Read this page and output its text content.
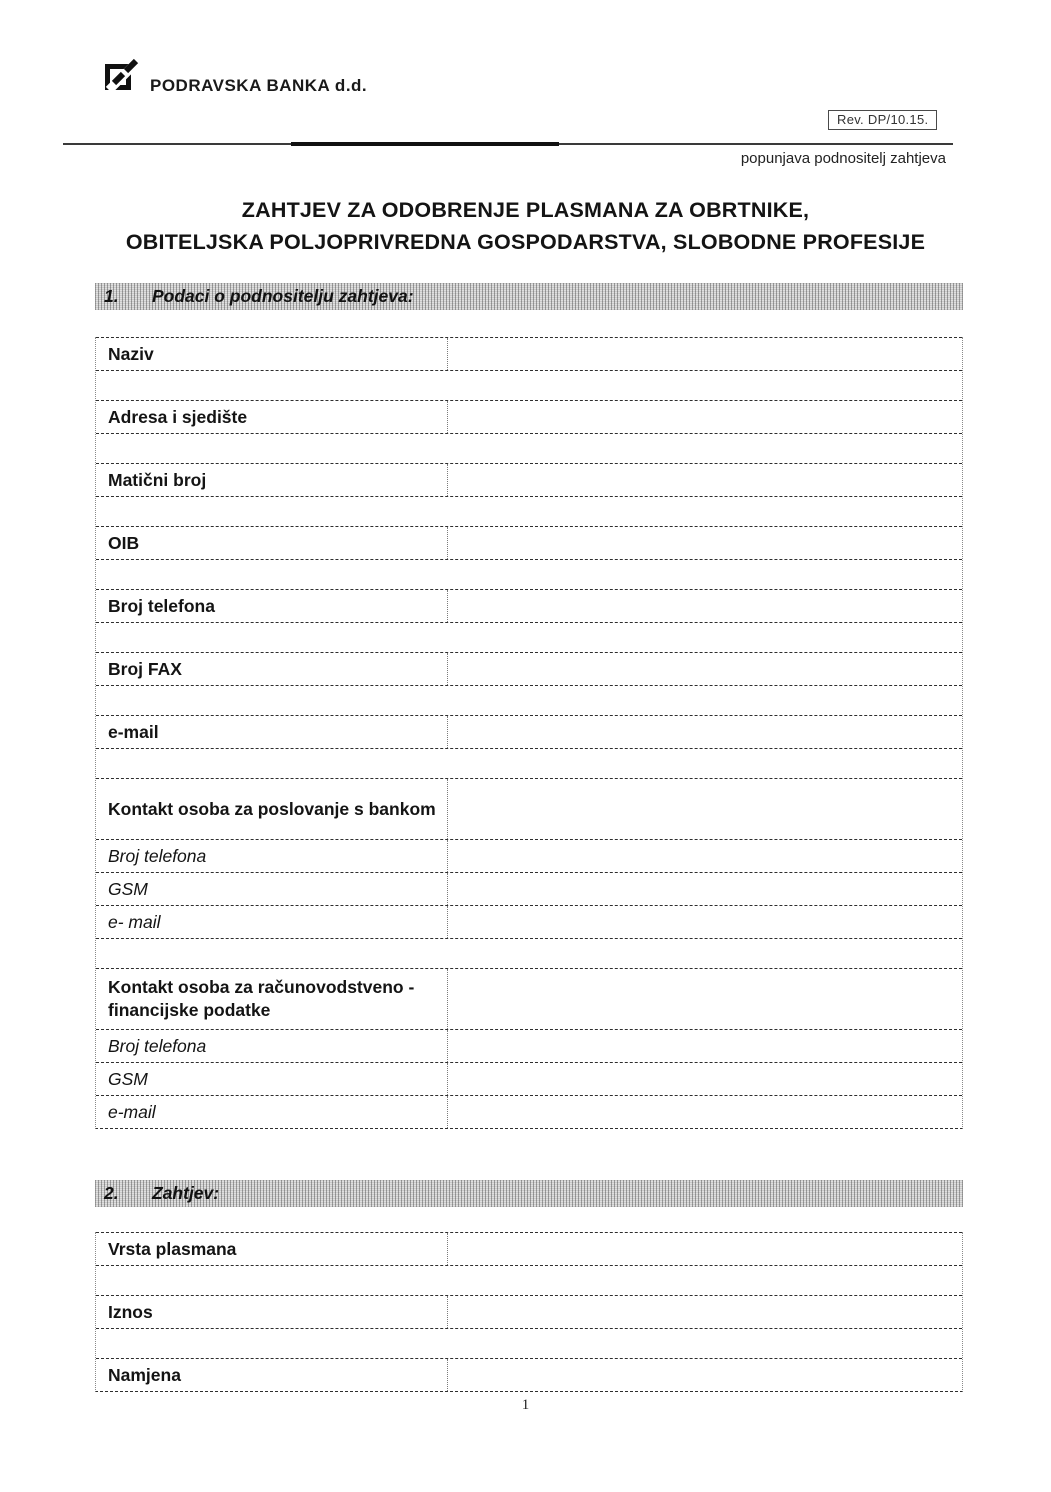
PODRAVSKA BANKA d.d.
Rev. DP/10.15.
popunjava podnositelj zahtjeva
ZAHTJEV ZA ODOBRENJE PLASMANA ZA OBRTNIKE,
OBITELJSKA POLJOPRIVREDNA GOSPODARSTVA, SLOBODNE PROFESIJE
1.	Podaci o podnositelju zahtjeva:
Naziv
Adresa i sjedište
Matični broj
OIB
Broj telefona
Broj FAX
e-mail
Kontakt osoba za poslovanje s bankom
Broj telefona
GSM
e- mail
Kontakt osoba za računovodstveno - financijske podatke
Broj telefona
GSM
e-mail
2.	Zahtjev:
Vrsta plasmana
Iznos
Namjena
1
